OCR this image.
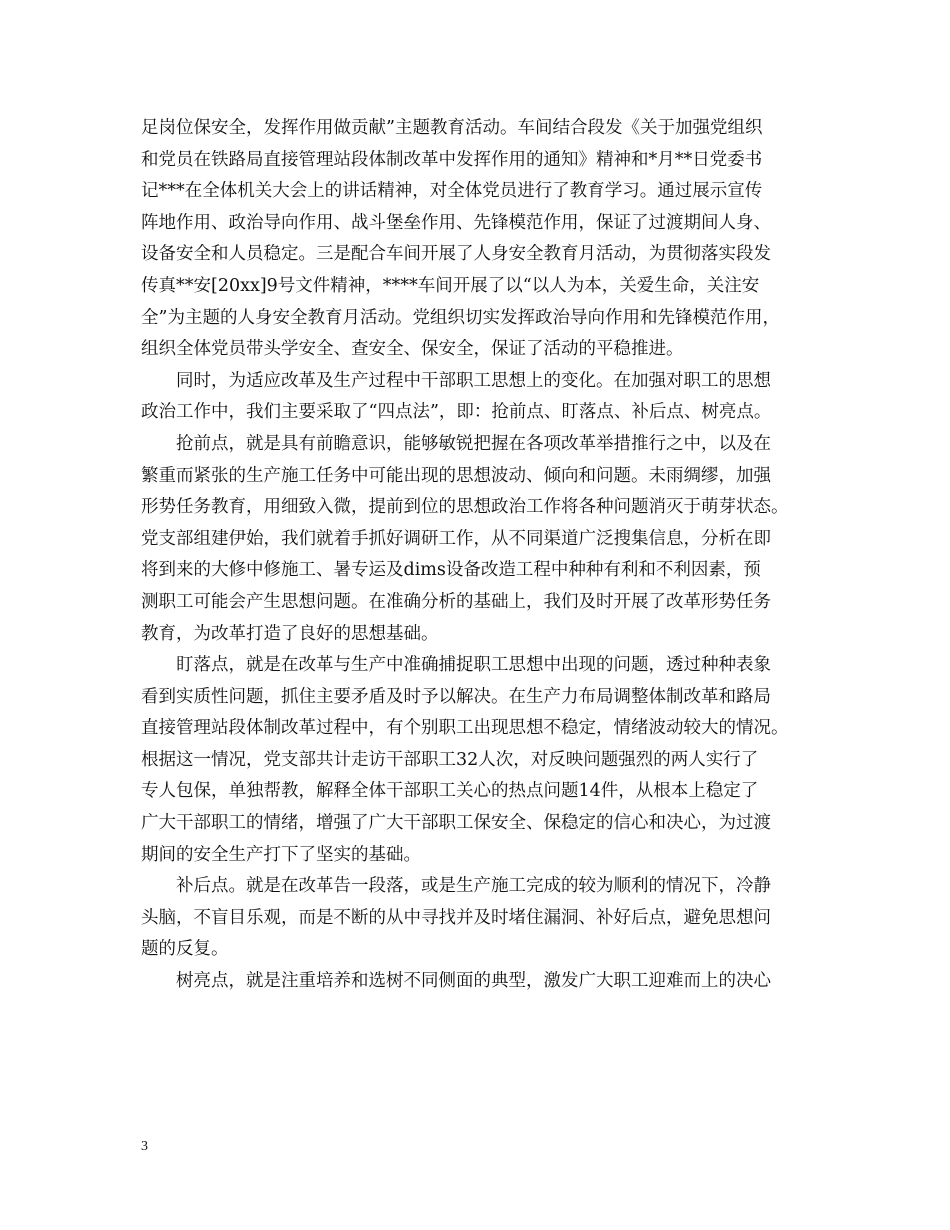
足岗位保安全，发挥作用做贡献”主题教育活动。车间结合段发《关于加强党组织
和党员在铁路局直接管理站段体制改革中发挥作用的通知》精神和*月**日党委书
记***在全体机关大会上的讲话精神，对全体党员进行了教育学习。通过展示宣传
阵地作用、政治导向作用、战斗堡垒作用、先锋模范作用，保证了过渡期间人身、
设备安全和人员稳定。三是配合车间开展了人身安全教育月活动，为贯彻落实段发
传真**安[20xx]9号文件精神，****车间开展了以“以人为本，关爱生命，关注安
全”为主题的人身安全教育月活动。党组织切实发挥政治导向作用和先锋模范作用，
组织全体党员带头学安全、查安全、保安全，保证了活动的平稳推进。
　　同时，为适应改革及生产过程中干部职工思想上的变化。在加强对职工的思想
政治工作中，我们主要采取了“四点法”，即：抢前点、盯落点、补后点、树亮点。
　　抢前点，就是具有前瞻意识，能够敏锐把握在各项改革举措推行之中，以及在
繁重而紧张的生产施工任务中可能出现的思想波动、倾向和问题。未雨绸缪，加强
形势任务教育，用细致入微，提前到位的思想政治工作将各种问题消灭于萌芽状态。
党支部组建伊始，我们就着手抓好调研工作，从不同渠道广泛搜集信息，分析在即
将到来的大修中修施工、暑专运及dims设备改造工程中种种有利和不利因素，预
测职工可能会产生思想问题。在准确分析的基础上，我们及时开展了改革形势任务
教育，为改革打造了良好的思想基础。
　　盯落点，就是在改革与生产中准确捕捉职工思想中出现的问题，透过种种表象
看到实质性问题，抓住主要矛盾及时予以解决。在生产力布局调整体制改革和路局
直接管理站段体制改革过程中，有个别职工出现思想不稳定，情绪波动较大的情况。
根据这一情况，党支部共计走访干部职工32人次，对反映问题强烈的两人实行了
专人包保，单独帮教，解释全体干部职工关心的热点问题14件，从根本上稳定了
广大干部职工的情绪，增强了广大干部职工保安全、保稳定的信心和决心，为过渡
期间的安全生产打下了坚实的基础。
　　补后点。就是在改革告一段落，或是生产施工完成的较为顺利的情况下，冷静
头脑，不盲目乐观，而是不断的从中寻找并及时堵住漏洞、补好后点，避免思想问
题的反复。
　　树亮点，就是注重培养和选树不同侧面的典型，激发广大职工迎难而上的决心
3
